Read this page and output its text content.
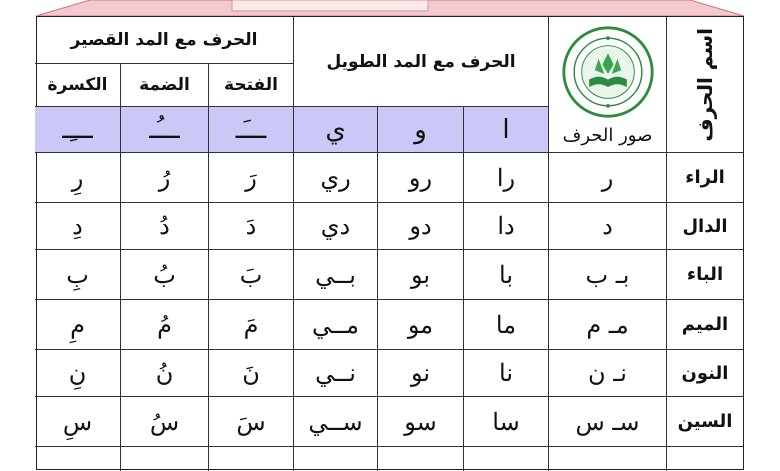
اسم الحرف
صور الحرف
الحرف مع المد الطويل
الحرف مع المد القصير
الفتحة
الضمة
الكسرة
ا
و
ي
ـــَـ
ـــُـ
ـــِـ
الراء
ر
را
رو
ري
رَ
رُ
رِ
الدال
د
دا
دو
دي
دَ
دُ
دِ
الباء
بـ ب
با
بو
بــي
بَ
بُ
بِ
الميم
مـ م
ما
مو
مــي
مَ
مُ
مِ
النون
نـ ن
نا
نو
نــي
نَ
نُ
نِ
السين
سـ س
سا
سو
ســي
سَ
سُ
سِ
